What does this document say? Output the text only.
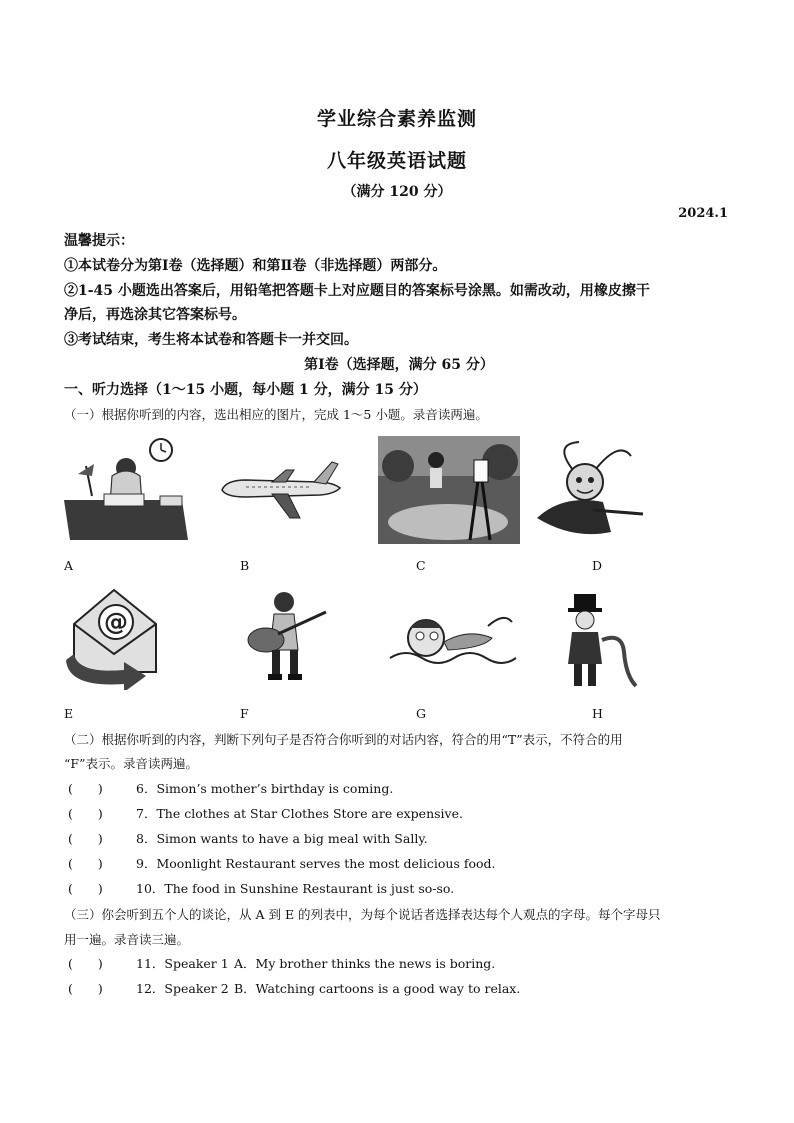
学业综合素养监测
八年级英语试题
（满分 120 分）
2024.1
温馨提示：
①本试卷分为第Ⅰ卷（选择题）和第Ⅱ卷（非选择题）两部分。
②1-45 小题选出答案后，用铅笔把答题卡上对应题目的答案标号涂黑。如需改动，用橡皮擦干
净后，再选涂其它答案标号。
③考试结束，考生将本试卷和答题卡一并交回。
第Ⅰ卷（选择题，满分 65 分）
一、听力选择（1～15 小题，每小题 1 分，满分 15 分）
（一）根据你听到的内容，选出相应的图片，完成 1～5 小题。录音读两遍。
A	B	C	D
@
E	F	G	H
（二）根据你听到的内容，判断下列句子是否符合你听到的对话内容，符合的用“T”表示，不符合的用
“F”表示。录音读两遍。
(　　)	6．Simon’s mother’s birthday is coming.
(　　)	7．The clothes at Star Clothes Store are expensive.
(　　)	8．Simon wants to have a big meal with Sally.
(　　)	9．Moonlight Restaurant serves the most delicious food.
(　　)	10．The food in Sunshine Restaurant is just so-so.
（三）你会听到五个人的谈论，从 A 到 E 的列表中，为每个说话者选择表达每个人观点的字母。每个字母只
用一遍。录音读三遍。
(　　)	11．Speaker 1 A．My brother thinks the news is boring.
(　　)	12．Speaker 2 B．Watching cartoons is a good way to relax.
